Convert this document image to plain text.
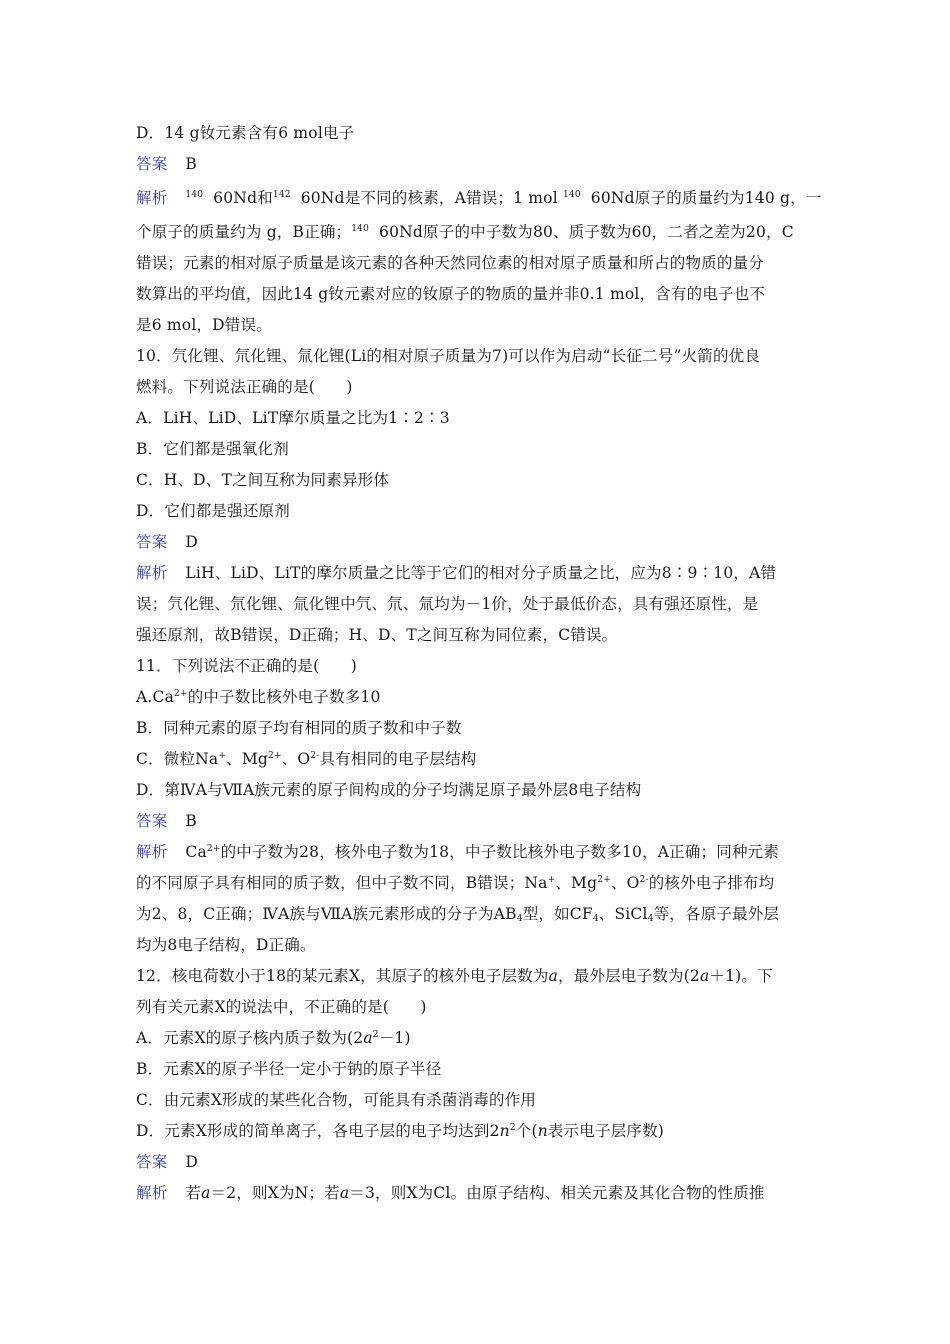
D．14 g钕元素含有6 mol电子
答案 B
解析 $^{140}$ 60Nd和$^{142}$ 60Nd是不同的核素，A错误；1 mol $^{140}$ 60Nd原子的质量约为140 g，一
个原子的质量约为 g，B正确；$^{140}$ 60Nd原子的中子数为80、质子数为60，二者之差为20，C
错误；元素的相对原子质量是该元素的各种天然同位素的相对原子质量和所占的物质的量分
数算出的平均值，因此14 g钕元素对应的钕原子的物质的量并非0.1 mol，含有的电子也不
是6 mol，D错误。
10．氕化锂、氘化锂、氚化锂(Li的相对原子质量为7)可以作为启动“长征二号”火箭的优良
燃料。下列说法正确的是(　　)
A．LiH、LiD、LiT摩尔质量之比为1∶2∶3
B．它们都是强氧化剂
C．H、D、T之间互称为同素异形体
D．它们都是强还原剂
答案 D
解析 LiH、LiD、LiT的摩尔质量之比等于它们的相对分子质量之比，应为8∶9∶10，A错
误；氕化锂、氘化锂、氚化锂中氕、氘、氚均为－1价，处于最低价态，具有强还原性，是
强还原剂，故B错误，D正确；H、D、T之间互称为同位素，C错误。
11．下列说法不正确的是(　　)
$A.Ca^{2+}$的中子数比核外电子数多10
B．同种元素的原子均有相同的质子数和中子数
C．微粒Na+、$Mg^{2+}$、$O^{2-}$具有相同的电子层结构
D．第ⅣA与ⅦA族元素的原子间构成的分子均满足原子最外层8电子结构
答案 B
解析 $Ca^{2+}$的中子数为28，核外电子数为18，中子数比核外电子数多10，A正确；同种元素
的不同原子具有相同的质子数，但中子数不同，B错误；Na+、$Mg^{2+}$、$O^{2-}$的核外电子排布均
为2、8，C正确；ⅣA族与ⅦA族元素形成的分子为$AB_4$型，如$CF_4$、SiCl$_4$等，各原子最外层
均为8电子结构，D正确。
12．核电荷数小于18的某元素X，其原子的核外电子层数为a，最外层电子数为(2a＋1)。下
列有关元素X的说法中，不正确的是(　　)
A．元素X的原子核内质子数为$(2a^2-1)$
B．元素X的原子半径一定小于钠的原子半径
C．由元素X形成的某些化合物，可能具有杀菌消毒的作用
D．元素X形成的简单离子，各电子层的电子均达到$2n^2$个(n表示电子层序数)
答案 D
解析 若a＝2，则X为N；若a＝3，则X为Cl。由原子结构、相关元素及其化合物的性质推
